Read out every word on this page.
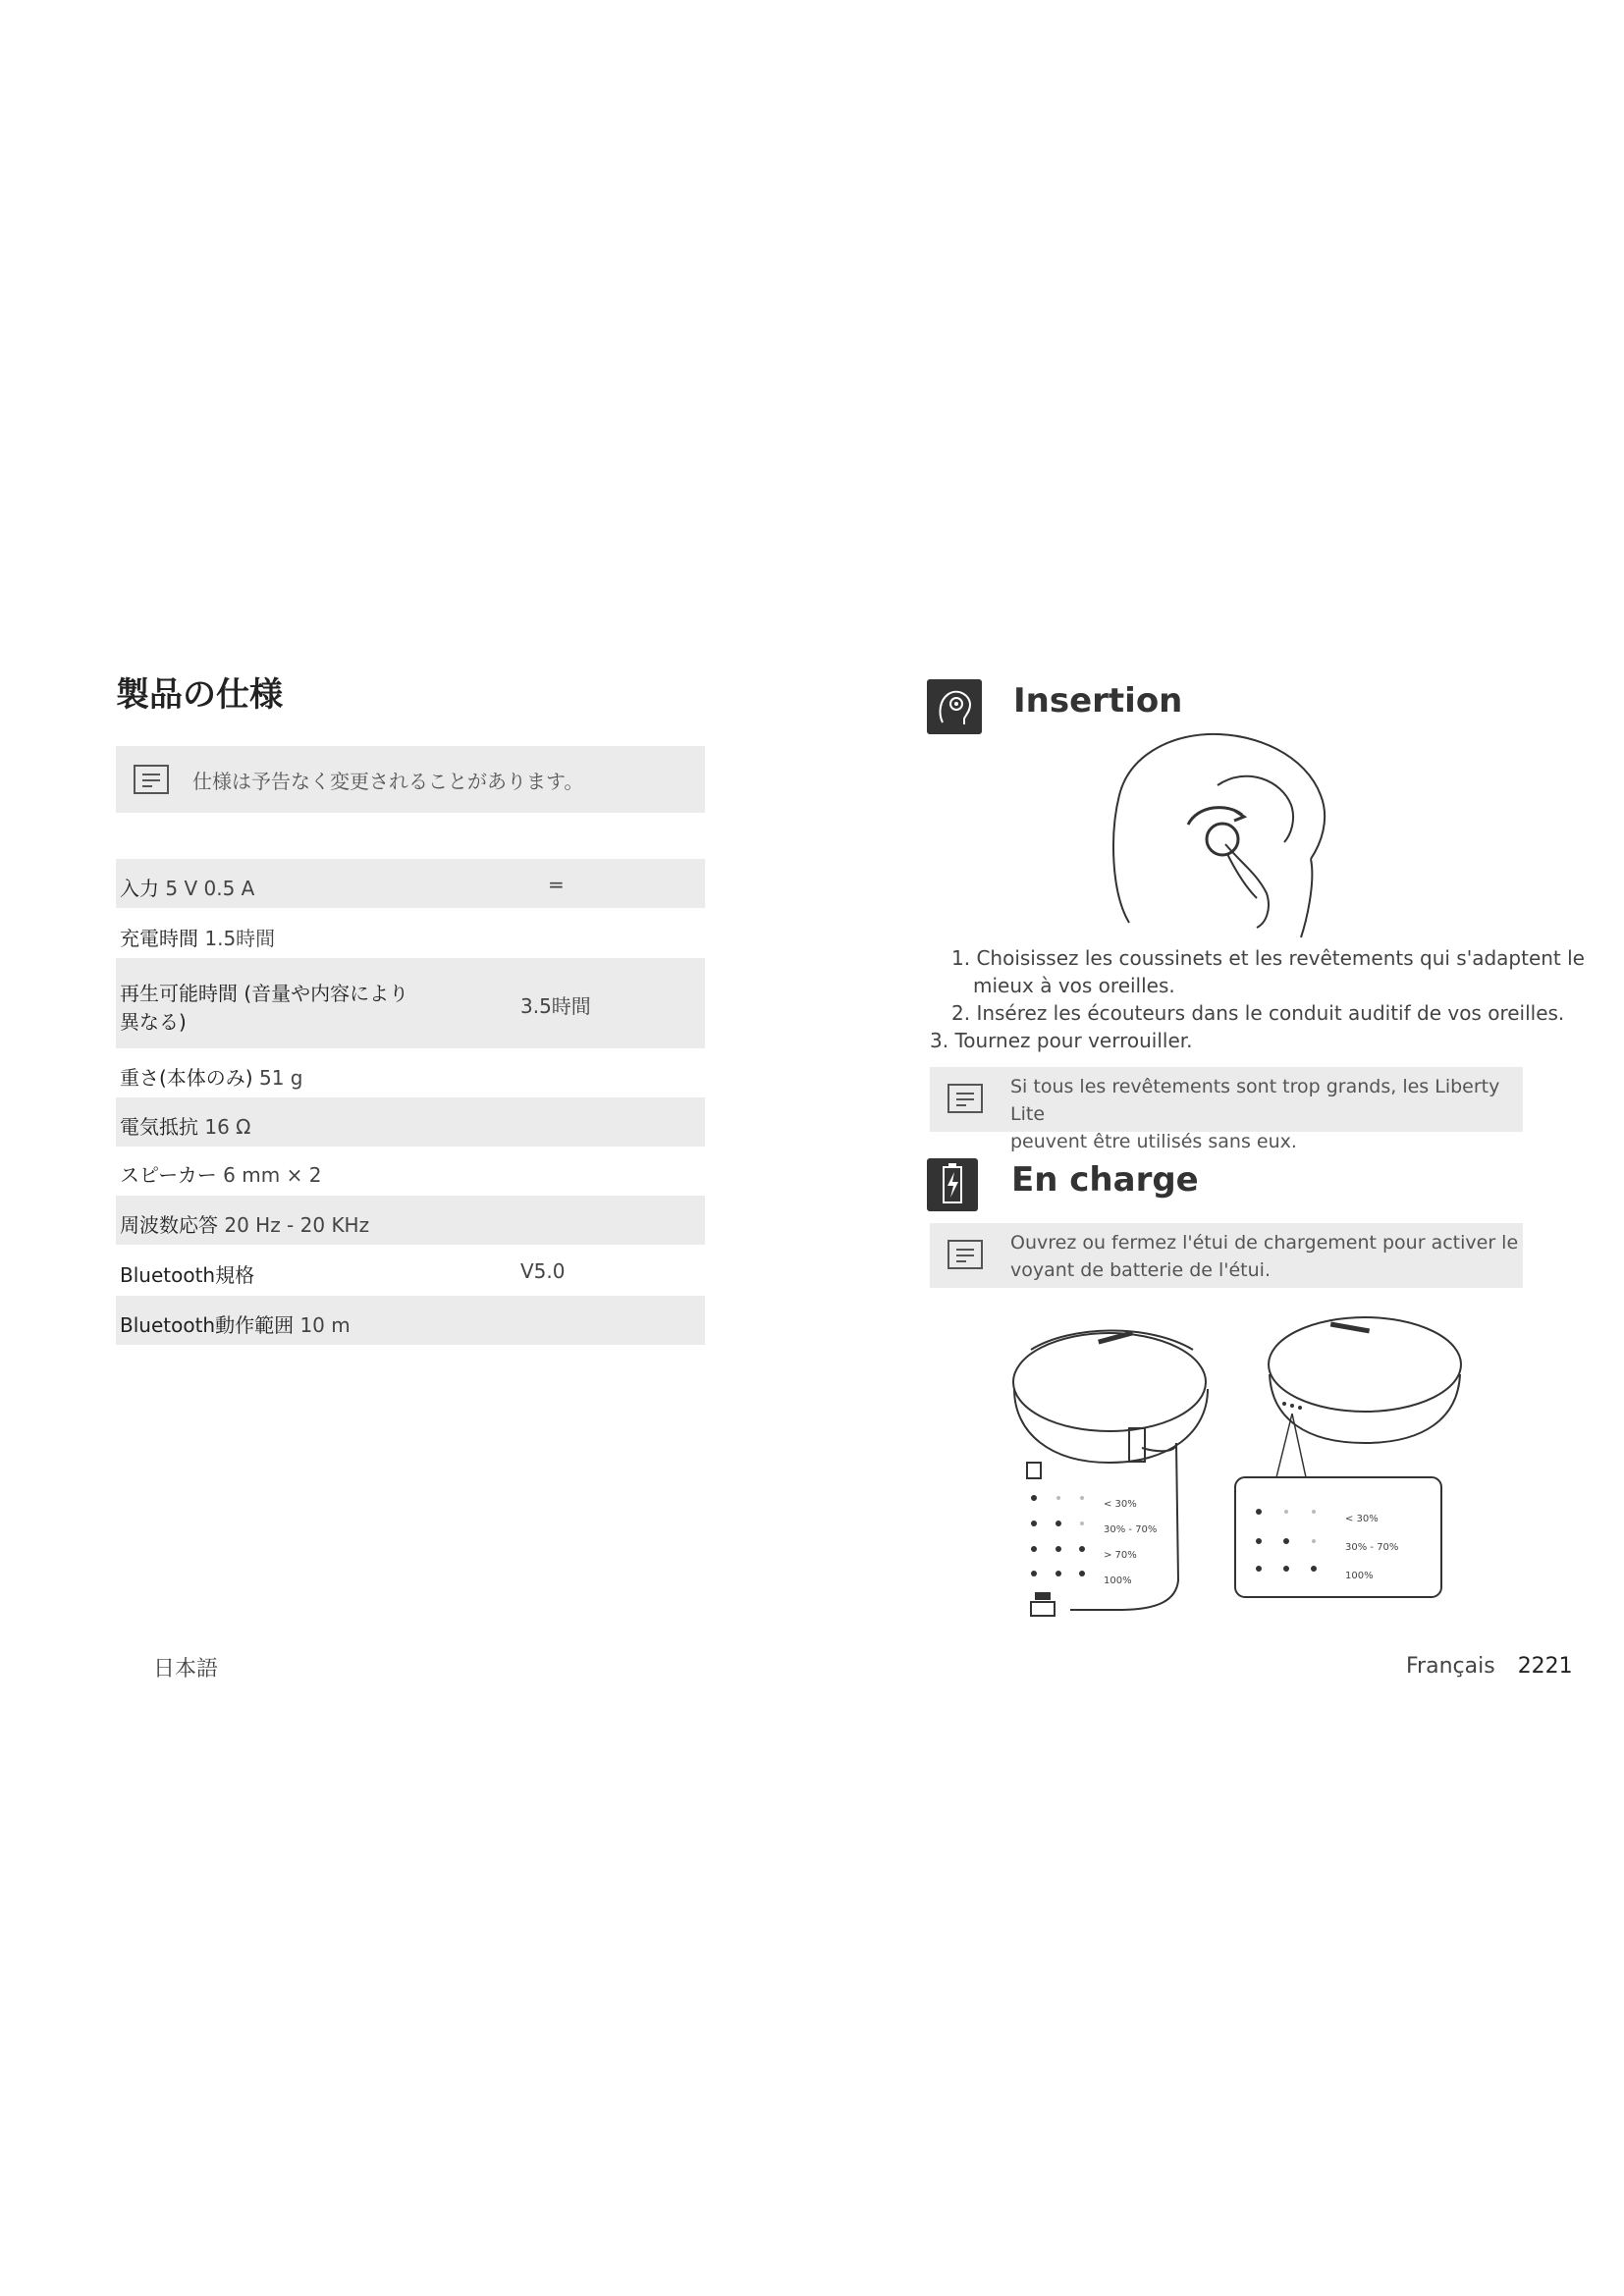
製品の仕様
仕様は予告なく変更されることがあります。
入力 5 V 0.5 A	=
充電時間 1.5時間
再生可能時間 (音量や内容により
異なる)
3.5時間
重さ(本体のみ) 51 g
電気抵抗 16 Ω
スピーカー 6 mm × 2
周波数応答 20 Hz - 20 KHz
Bluetooth規格	V5.0
Bluetooth動作範囲 10 m
日本語
Insertion
1. Choisissez les coussinets et les revêtements qui s'adaptent le
mieux à vos oreilles.
2. Insérez les écouteurs dans le conduit auditif de vos oreilles.
3. Tournez pour verrouiller.
Si tous les revêtements sont trop grands, les Liberty Lite
peuvent être utilisés sans eux.
En charge
Ouvrez ou fermez l'étui de chargement pour activer le
voyant de batterie de l'étui.
< 30%
30% - 70%
> 70%
100%
< 30%
30% - 70%
100%
Français 2221
